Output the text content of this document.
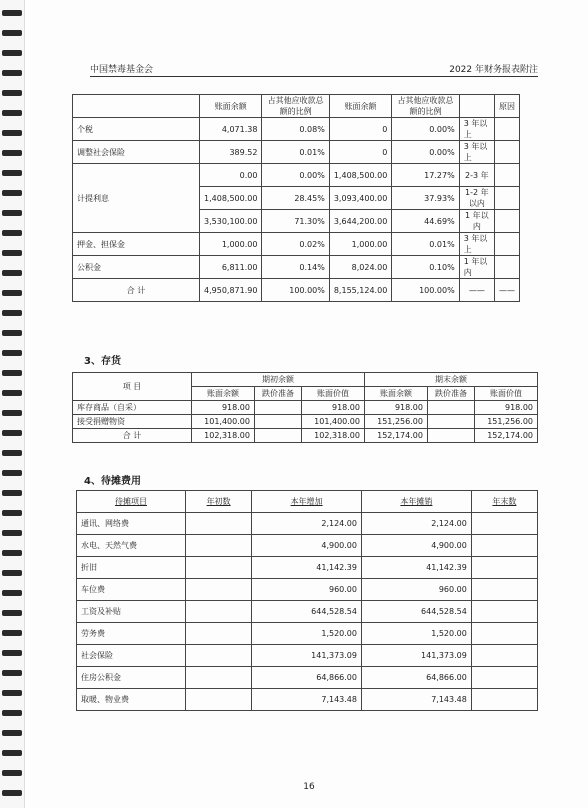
中国禁毒基金会	2022 年财务报表附注
	账面余额	占其他应收款总额的比例	账面余额	占其他应收款总额的比例		原因
个税	4,071.38	0.08%	0	0.00%	3 年以上	
调整社会保险	389.52	0.01%	0	0.00%	3 年以上	
计提利息	0.00	0.00%	1,408,500.00	17.27%	2-3 年	
	1,408,500.00	28.45%	3,093,400.00	37.93%	1-2 年以内	
	3,530,100.00	71.30%	3,644,200.00	44.69%	1 年以内	
押金、担保金	1,000.00	0.02%	1,000.00	0.01%	3 年以上	
公积金	6,811.00	0.14%	8,024.00	0.10%	1 年以内	
合 计	4,950,871.90	100.00%	8,155,124.00	100.00%	——	——
3、存货
项 目	期初余额			期末余额		
	账面余额	跌价准备	账面价值	账面余额	跌价准备	账面价值
库存商品（自采）	918.00		918.00	918.00		918.00
接受捐赠物资	101,400.00		101,400.00	151,256.00		151,256.00
合 计	102,318.00		102,318.00	152,174.00		152,174.00
4、待摊费用
待摊项目	年初数	本年增加	本年摊销	年末数
通讯、网络费		2,124.00	2,124.00	
水电、天然气费		4,900.00	4,900.00	
折旧		41,142.39	41,142.39	
车位费		960.00	960.00	
工资及补贴		644,528.54	644,528.54	
劳务费		1,520.00	1,520.00	
社会保险		141,373.09	141,373.09	
住房公积金		64,866.00	64,866.00	
取暖、物业费		7,143.48	7,143.48	
16
